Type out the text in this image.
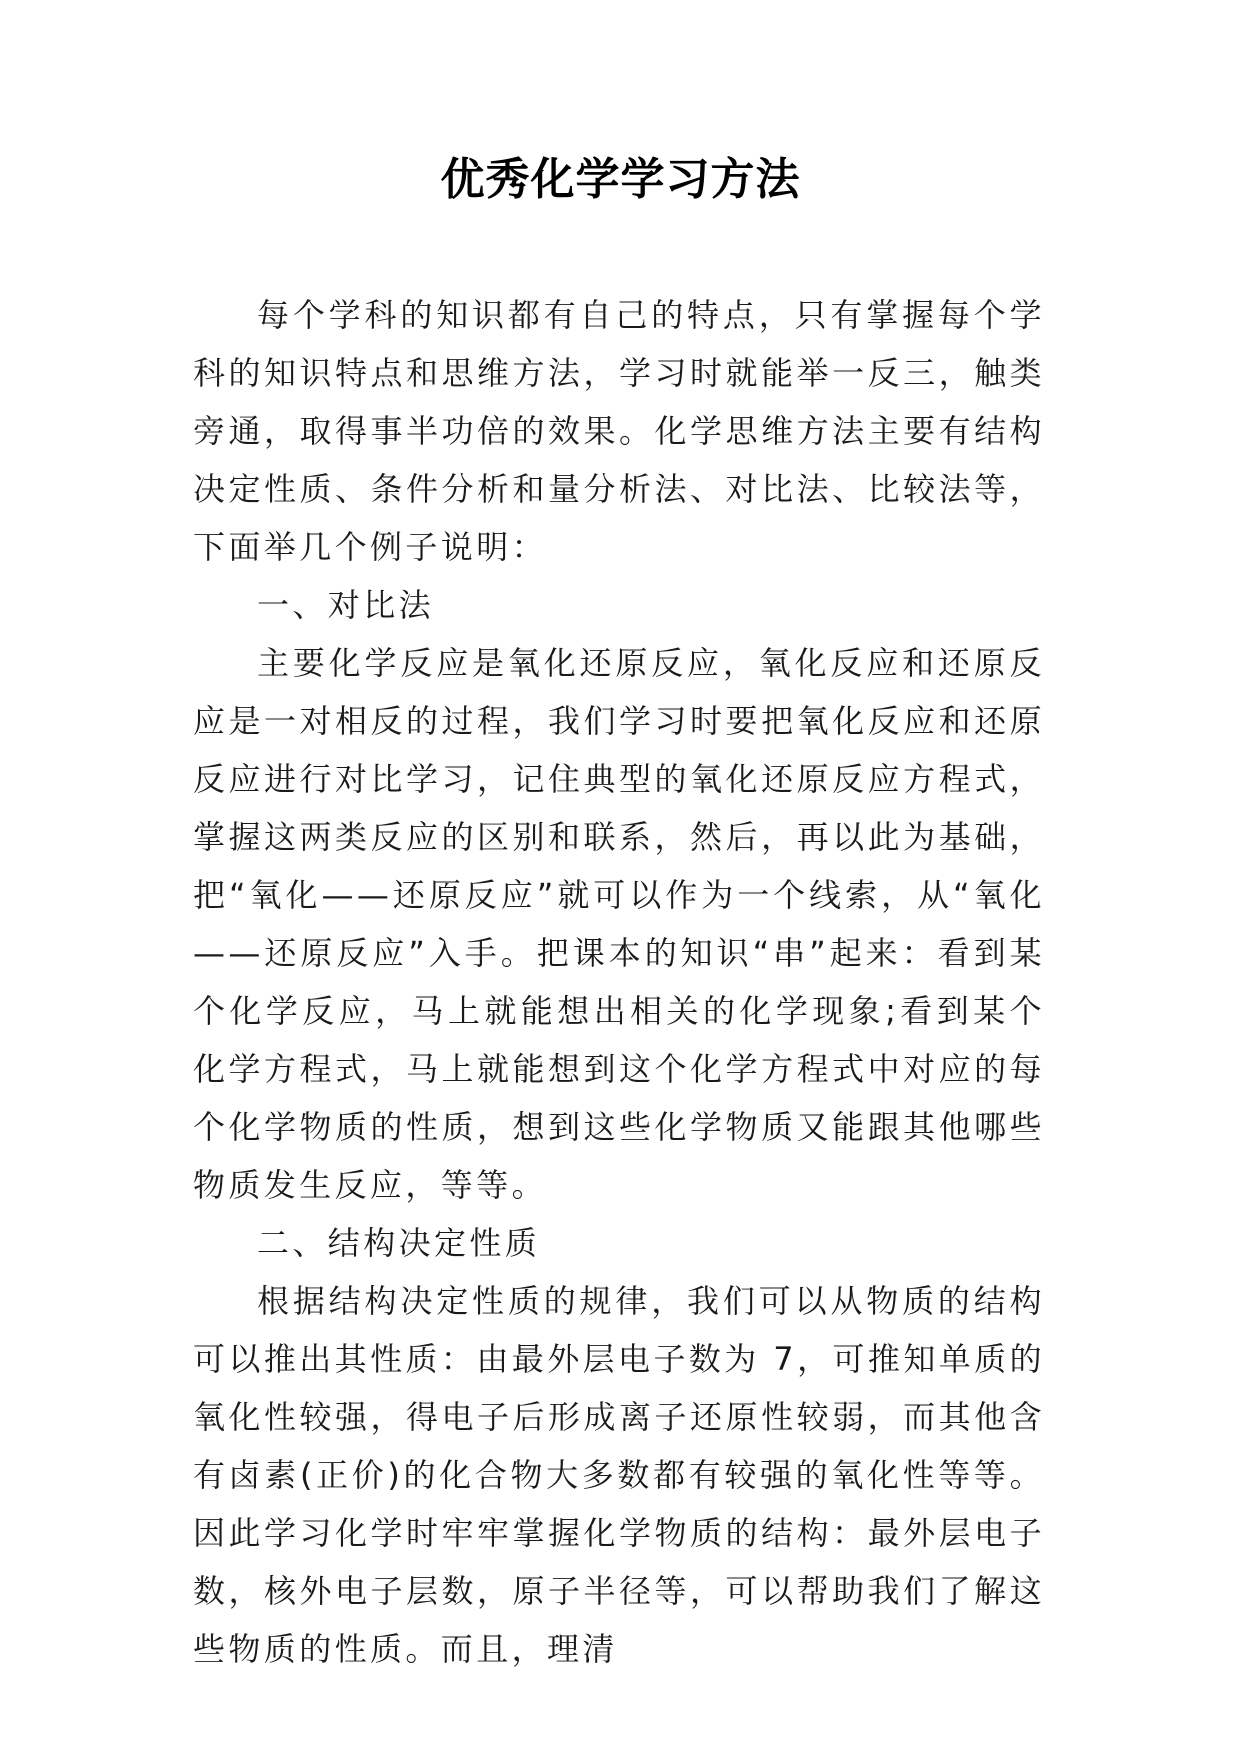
优秀化学学习方法

每个学科的知识都有自己的特点，只有掌握每个学科的知识特点和思维方法，学习时就能举一反三，触类旁通，取得事半功倍的效果。化学思维方法主要有结构决定性质、条件分析和量分析法、对比法、比较法等，下面举几个例子说明：

一、对比法

主要化学反应是氧化还原反应，氧化反应和还原反应是一对相反的过程，我们学习时要把氧化反应和还原反应进行对比学习，记住典型的氧化还原反应方程式，掌握这两类反应的区别和联系，然后，再以此为基础，把“氧化——还原反应”就可以作为一个线索，从“氧化——还原反应”入手。把课本的知识“串”起来：看到某个化学反应，马上就能想出相关的化学现象;看到某个化学方程式，马上就能想到这个化学方程式中对应的每个化学物质的性质，想到这些化学物质又能跟其他哪些物质发生反应，等等。

二、结构决定性质

根据结构决定性质的规律，我们可以从物质的结构可以推出其性质：由最外层电子数为 7，可推知单质的氧化性较强，得电子后形成离子还原性较弱，而其他含有卤素(正价)的化合物大多数都有较强的氧化性等等。因此学习化学时牢牢掌握化学物质的结构：最外层电子数，核外电子层数，原子半径等，可以帮助我们了解这些物质的性质。而且，理清
